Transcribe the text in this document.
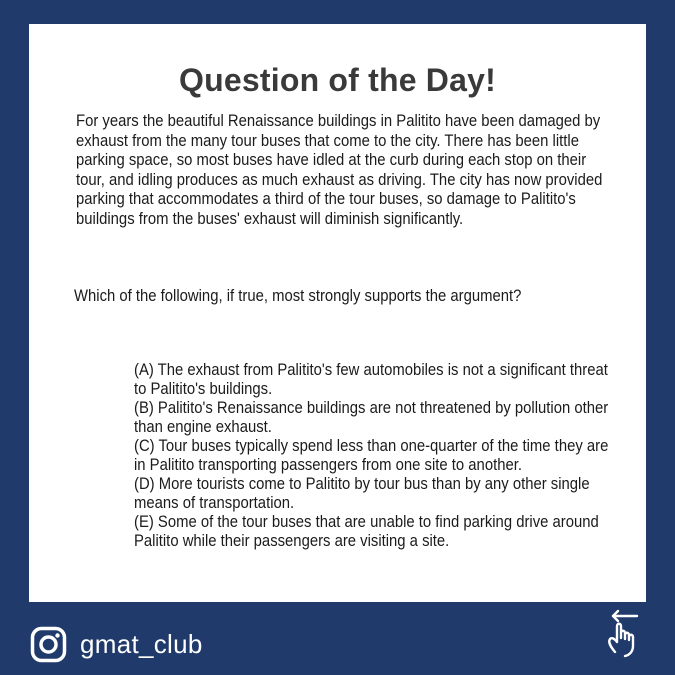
Question of the Day!

For years the beautiful Renaissance buildings in Palitito have been damaged by exhaust from the many tour buses that come to the city. There has been little parking space, so most buses have idled at the curb during each stop on their tour, and idling produces as much exhaust as driving. The city has now provided parking that accommodates a third of the tour buses, so damage to Palitito's buildings from the buses' exhaust will diminish significantly.

Which of the following, if true, most strongly supports the argument?

(A) The exhaust from Palitito's few automobiles is not a significant threat to Palitito's buildings.
(B) Palitito's Renaissance buildings are not threatened by pollution other than engine exhaust.
(C) Tour buses typically spend less than one-quarter of the time they are in Palitito transporting passengers from one site to another.
(D) More tourists come to Palitito by tour bus than by any other single means of transportation.
(E) Some of the tour buses that are unable to find parking drive around Palitito while their passengers are visiting a site.
gmat_club
